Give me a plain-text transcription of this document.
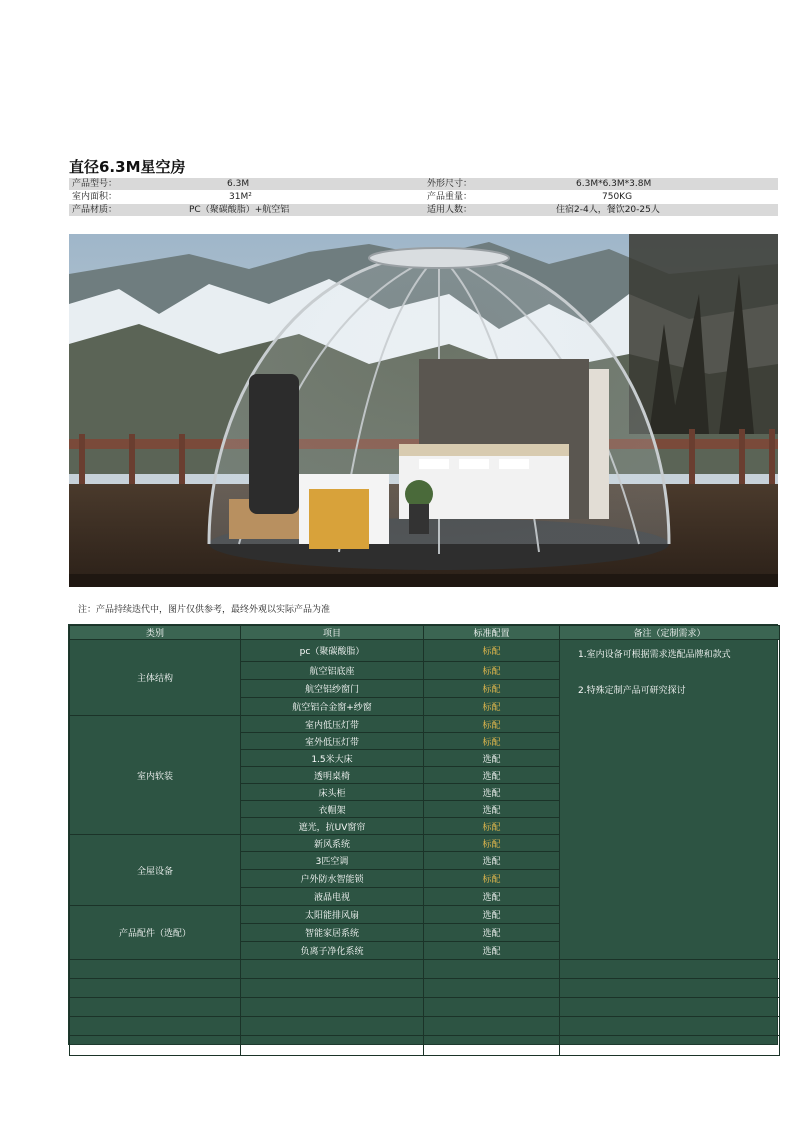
直径6.3M星空房
产品型号：	6.3M	外形尺寸：	6.3M*6.3M*3.8M
室内面积：	31M²	产品重量：	750KG
产品材质：	PC（聚碳酸脂）+航空铝	适用人数：	住宿2-4人，餐饮20-25人
注：产品持续迭代中，图片仅供参考，最终外观以实际产品为准
类别	项目	标准配置	备注（定制需求）
主体结构	pc（聚碳酸脂）	标配	1.室内设备可根据需求选配品牌和款式
2.特殊定制产品可研究探讨

	航空铝底座	标配	
	航空铝纱窗门	标配	
	航空铝合金窗+纱窗	标配	
室内软装	室内低压灯带	标配	
	室外低压灯带	标配	
	1.5米大床	选配	
	透明桌椅	选配	
	床头柜	选配	
	衣帽架	选配	
	遮光，抗UV窗帘	标配	
全屋设备	新风系统	标配	
	3匹空调	选配	
	户外防水智能锁	标配	
	液晶电视	选配	
产品配件（选配）	太阳能排风扇	选配	
	智能家居系统	选配	
	负离子净化系统	选配	
